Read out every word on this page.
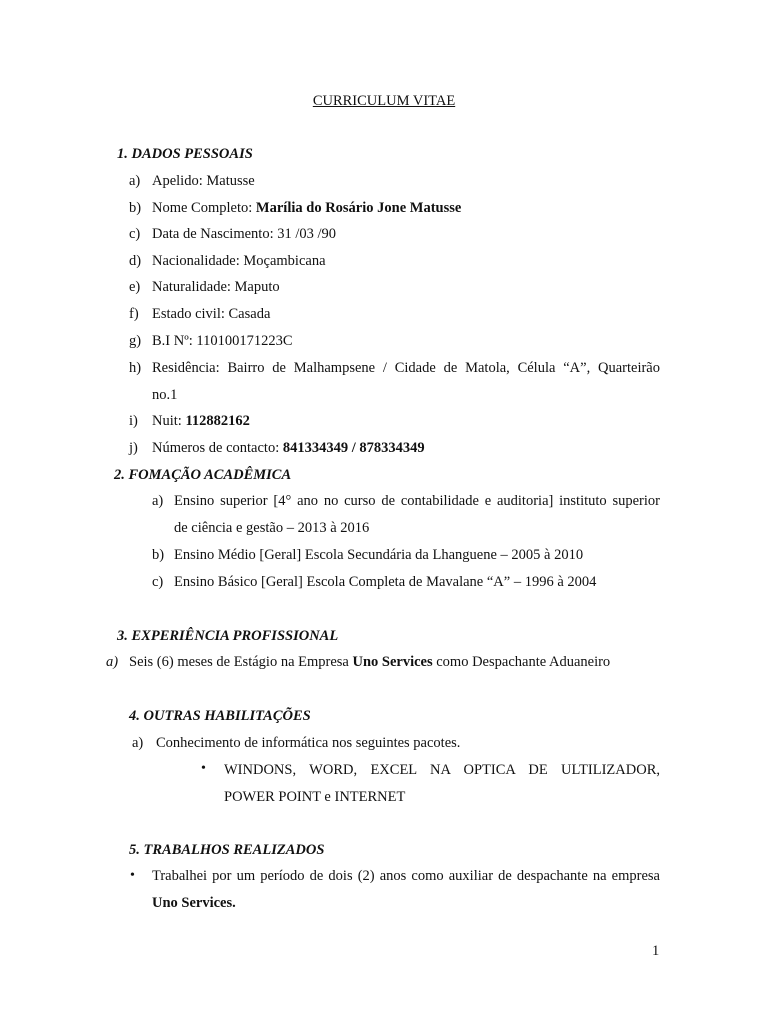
CURRICULUM VITAE
1. DADOS PESSOAIS
a) Apelido: Matusse
b) Nome Completo: Marília do Rosário Jone Matusse
c) Data de Nascimento: 31 /03 /90
d) Nacionalidade: Moçambicana
e) Naturalidade: Maputo
f) Estado civil: Casada
g) B.I Nº: 110100171223C
h) Residência: Bairro de Malhampsene / Cidade de Matola, Célula “A”, Quarteirão
no.1
i) Nuit: 112882162
j) Números de contacto: 841334349 / 878334349
2. FOMAÇÃO ACADÊMICA
a) Ensino superior [4° ano no curso de contabilidade e auditoria] instituto superior
de ciência e gestão – 2013 à 2016
b) Ensino Médio [Geral] Escola Secundária da Lhanguene – 2005 à 2010
c) Ensino Básico [Geral] Escola Completa de Mavalane “A” – 1996 à 2004
3. EXPERIÊNCIA PROFISSIONAL
a) Seis (6) meses de Estágio na Empresa Uno Services como Despachante Aduaneiro
4. OUTRAS HABILITAÇÕES
a) Conhecimento de informática nos seguintes pacotes.
• WINDONS, WORD, EXCEL NA OPTICA DE ULTILIZADOR,
POWER POINT e INTERNET
5. TRABALHOS REALIZADOS
• Trabalhei por um período de dois (2) anos como auxiliar de despachante na empresa
Uno Services.
1
